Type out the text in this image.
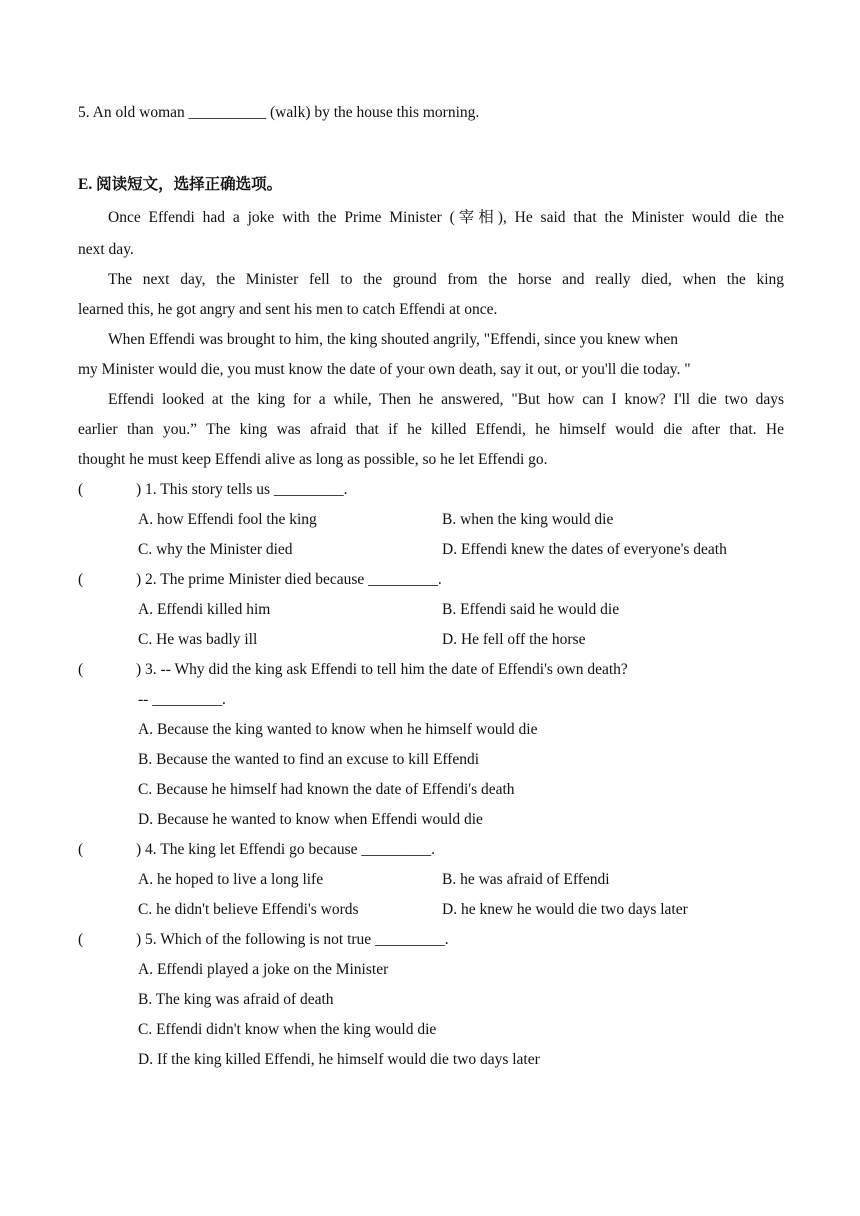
5. An old woman __________ (walk) by the house this morning.
E. 阅读短文，选择正确选项。
Once Effendi had a joke with the Prime Minister (宰相), He said that the Minister would die the
next day.
The next day, the Minister fell to the ground from the horse and really died, when the king
learned this, he got angry and sent his men to catch Effendi at once.
When Effendi was brought to him, the king shouted angrily, "Effendi, since you knew when
my Minister would die, you must know the date of your own death, say it out, or you'll die today. "
Effendi looked at the king for a while, Then he answered, "But how can I know? I'll die two days
earlier than you.” The king was afraid that if he killed Effendi, he himself would die after that. He
thought he must keep Effendi alive as long as possible, so he let Effendi go.
(	) 1. This story tells us _________.
A. how Effendi fool the king	B. when the king would die
C. why the Minister died	D. Effendi knew the dates of everyone's death
(	) 2. The prime Minister died because _________.
A. Effendi killed him	B. Effendi said he would die
C. He was badly ill	D. He fell off the horse
(	) 3. -- Why did the king ask Effendi to tell him the date of Effendi's own death?
-- _________.
A. Because the king wanted to know when he himself would die
B. Because the wanted to find an excuse to kill Effendi
C. Because he himself had known the date of Effendi's death
D. Because he wanted to know when Effendi would die
(	) 4. The king let Effendi go because _________.
A. he hoped to live a long life	B. he was afraid of Effendi
C. he didn't believe Effendi's words	D. he knew he would die two days later
(	) 5. Which of the following is not true _________.
A. Effendi played a joke on the Minister
B. The king was afraid of death
C. Effendi didn't know when the king would die
D. If the king killed Effendi, he himself would die two days later
